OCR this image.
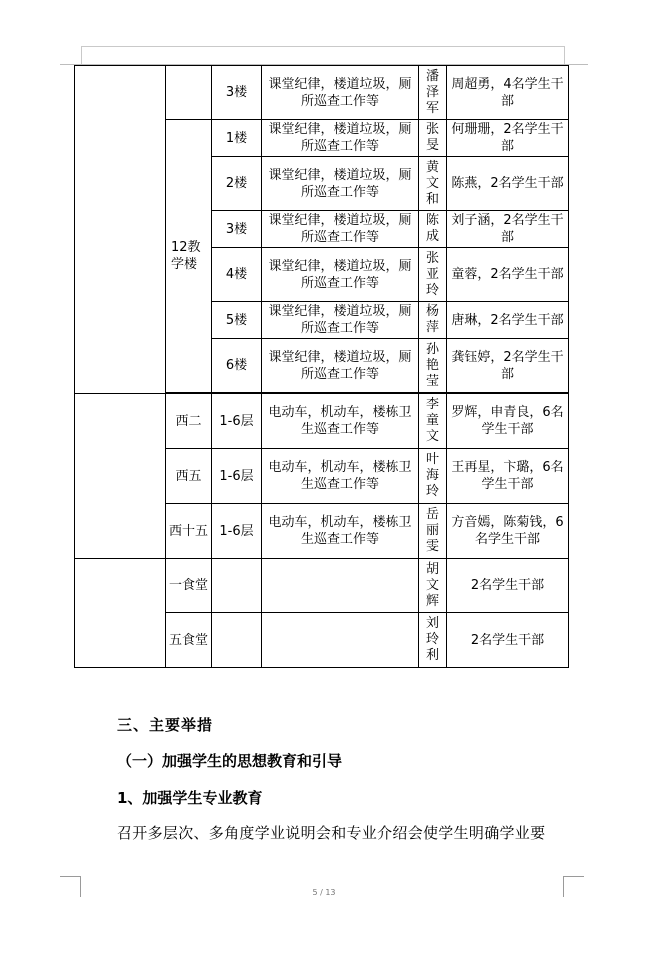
		3楼	课堂纪律，楼道垃圾，厕所巡查工作等	潘泽军	周超勇，4名学生干部
	12教学楼	1楼	课堂纪律，楼道垃圾，厕所巡查工作等	张旻	何珊珊，2名学生干部
		2楼	课堂纪律，楼道垃圾，厕所巡查工作等	黄文和	陈燕，2名学生干部
		3楼	课堂纪律，楼道垃圾，厕所巡查工作等	陈成	刘子涵，2名学生干部
		4楼	课堂纪律，楼道垃圾，厕所巡查工作等	张亚玲	童蓉，2名学生干部
		5楼	课堂纪律，楼道垃圾，厕所巡查工作等	杨萍	唐琳，2名学生干部
		6楼	课堂纪律，楼道垃圾，厕所巡查工作等	孙艳莹	龚钰婷，2名学生干部

	西二	1-6层	电动车，机动车，楼栋卫生巡查工作等	李童文	罗辉，申青良，6名学生干部
	西五	1-6层	电动车，机动车，楼栋卫生巡查工作等	叶海玲	王再星，卞璐，6名学生干部
	西十五	1-6层	电动车，机动车，楼栋卫生巡查工作等	岳丽雯	方音嫣，陈菊钱，6名学生干部
	一食堂			胡文辉	2名学生干部
	五食堂			刘玲利	2名学生干部
三、主要举措
（一）加强学生的思想教育和引导
1、加强学生专业教育
召开多层次、多角度学业说明会和专业介绍会使学生明确学业要
5 / 13
